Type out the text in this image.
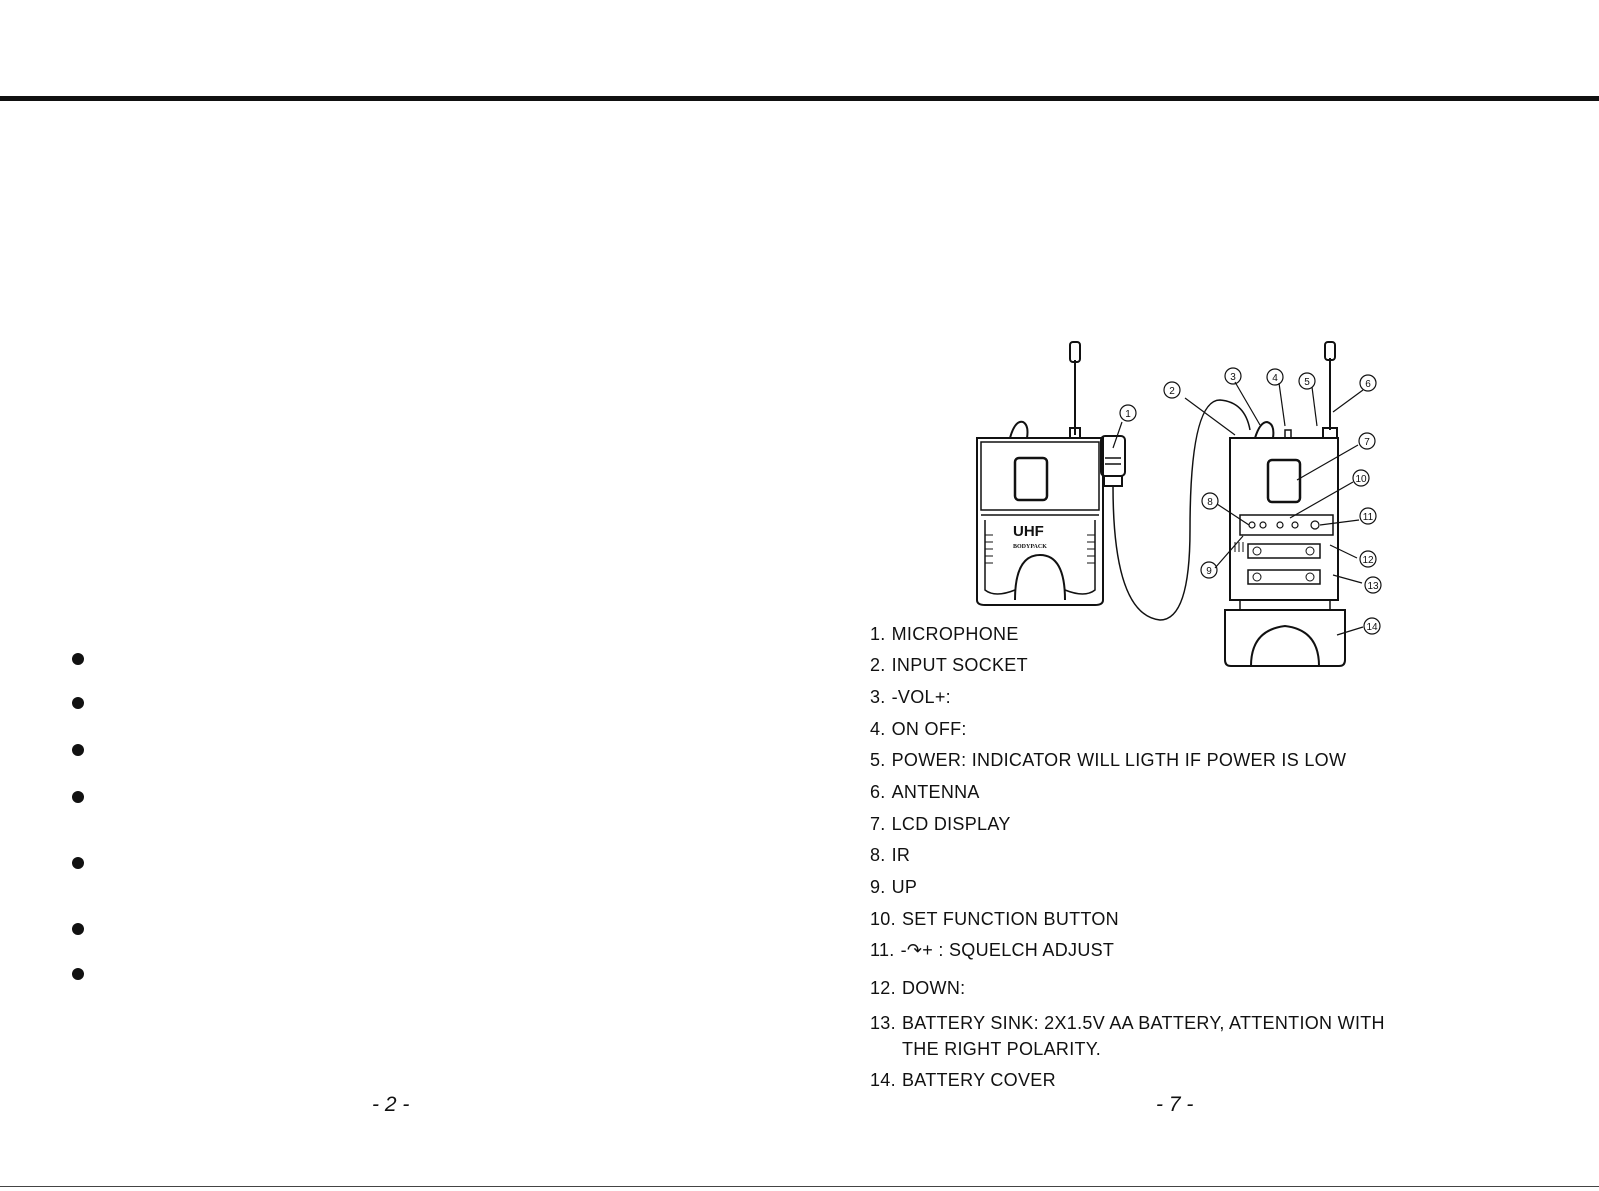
UHF
BODYPACK
1
2
3	4	5	6
7
8
9
10
11
12
13
14
1. MICROPHONE
2. INPUT SOCKET
3. -VOL+:
4. ON OFF:
5. POWER: INDICATOR WILL LIGTH IF POWER IS LOW
6. ANTENNA
7. LCD DISPLAY
8. IR
9. UP
10. SET FUNCTION BUTTON
11. -↷+ : SQUELCH ADJUST
12. DOWN:
13. BATTERY SINK: 2X1.5V AA BATTERY, ATTENTION WITH
THE RIGHT POLARITY.
14. BATTERY COVER
- 2 -	- 7 -
